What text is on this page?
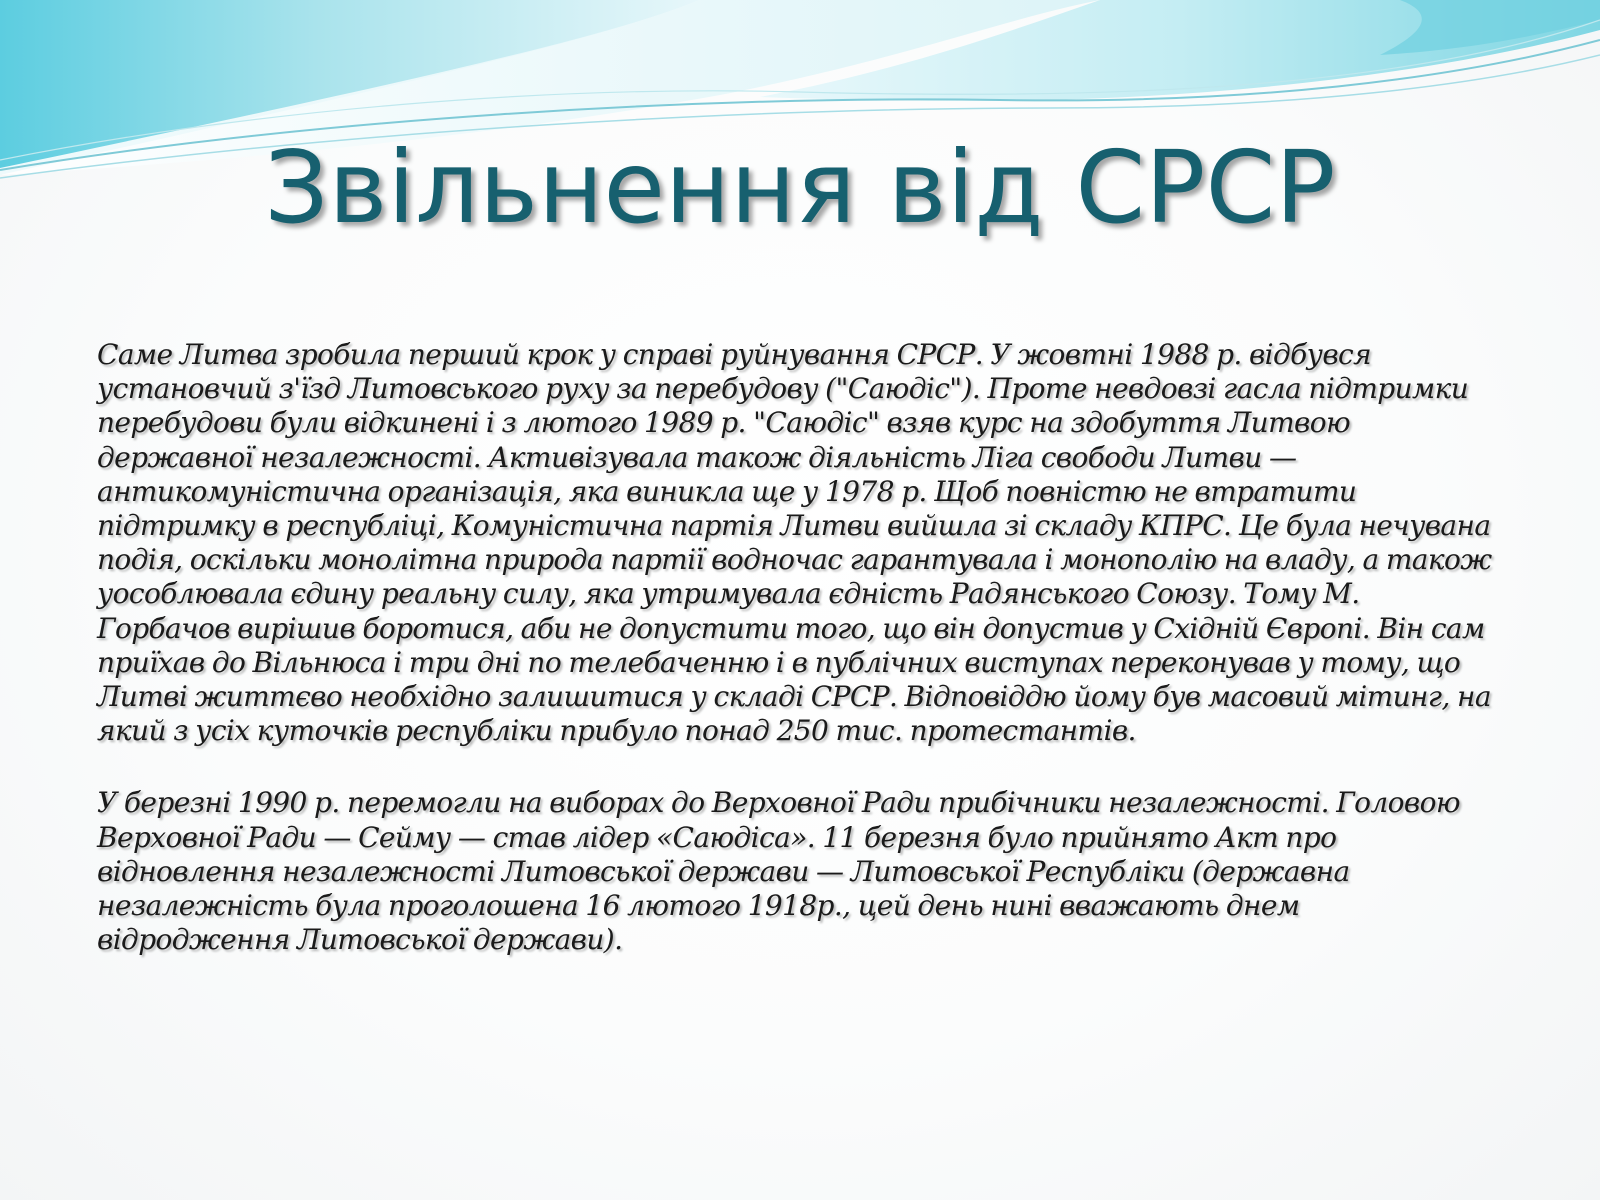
Звільнення від СРСР

Саме Литва зробила перший крок у справі руйнування СРСР. У жовтні 1988 р. відбувся установчий з'їзд Литовського руху за перебудову ("Саюдіс"). Проте невдовзі гасла підтримки перебудови були відкинені і з лютого 1989 р. "Саюдіс" взяв курс на здобуття Литвою державної незалежності. Активізувала також діяльність Ліга свободи Литви — антикомуністична організація, яка виникла ще у 1978 р. Щоб повністю не втратити підтримку в республіці, Комуністична партія Литви вийшла зі складу КПРС. Це була нечувана подія, оскільки монолітна природа партії водночас гарантувала і монополію на владу, а також уособлювала єдину реальну силу, яка утримувала єдність Радянського Союзу. Тому М. Горбачов вирішив боротися, аби не допустити того, що він допустив у Східній Європі. Він сам приїхав до Вільнюса і три дні по телебаченню і в публічних виступах переконував у тому, що Литві життєво необхідно залишитися у складі СРСР. Відповіддю йому був масовий мітинг, на який з усіх куточків республіки прибуло понад 250 тис. протестантів.

У березні 1990 р. перемогли на виборах до Верховної Ради прибічники незалежності. Головою Верховної Ради — Сейму — став лідер «Саюдіса». 11 березня було прийнято Акт про відновлення незалежності Литовської держави — Литовської Республіки (державна незалежність була проголошена 16 лютого 1918р., цей день нині вважають днем відродження Литовської держави).
